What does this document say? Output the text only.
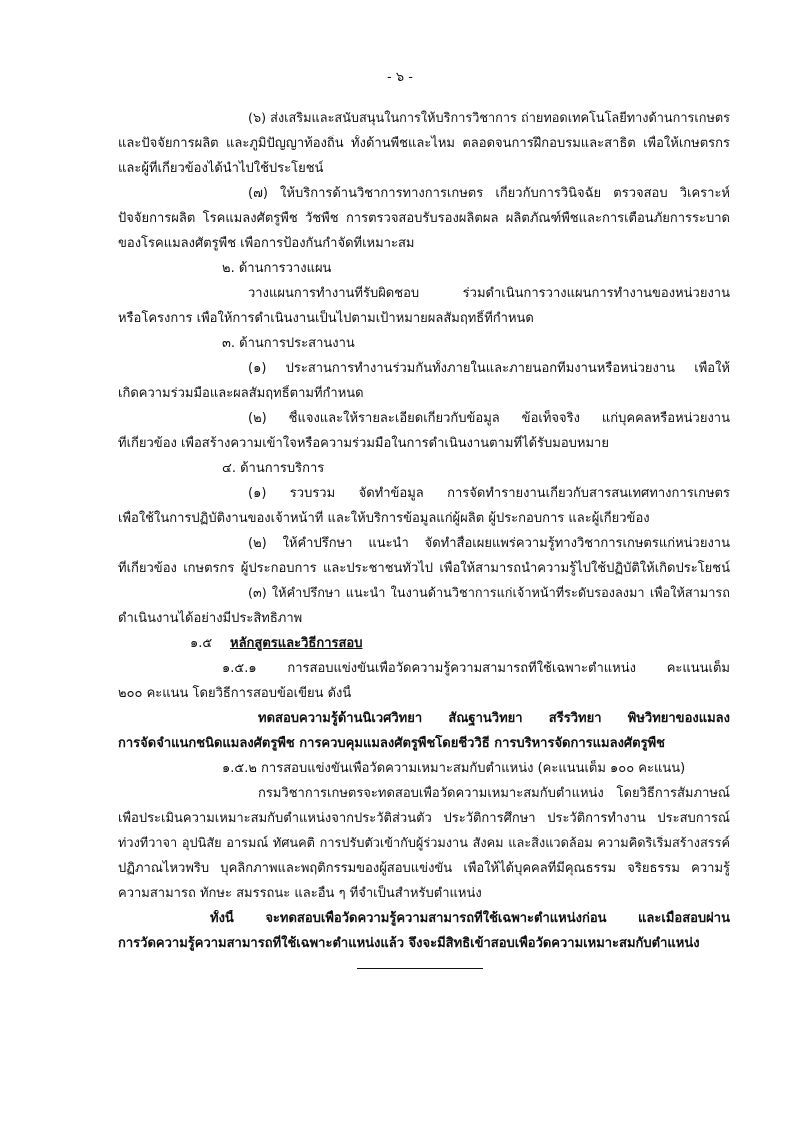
- ๖ -
(๖) ส่งเสริมและสนับสนุนในการให้บริการวิชาการ ถ่ายทอดเทคโนโลยีทางด้านการเกษตร
และปัจจัยการผลิต และภูมิปัญญาท้องถิ่น ทั้งด้านพืชและไหม ตลอดจนการฝึกอบรมและสาธิต เพื่อให้เกษตรกร
และผู้ที่เกี่ยวข้องได้นำไปใช้ประโยชน์
(๗) ให้บริการด้านวิชาการทางการเกษตร เกี่ยวกับการวินิจฉัย ตรวจสอบ วิเคราะห์
ปัจจัยการผลิต โรคแมลงศัตรูพืช วัชพืช การตรวจสอบรับรองผลิตผล ผลิตภัณฑ์พืชและการเตือนภัยการระบาด
ของโรคแมลงศัตรูพืช เพื่อการป้องกันกำจัดที่เหมาะสม
๒. ด้านการวางแผน
วางแผนการทำงานที่รับผิดชอบ ร่วมดำเนินการวางแผนการทำงานของหน่วยงาน
หรือโครงการ เพื่อให้การดำเนินงานเป็นไปตามเป้าหมายผลสัมฤทธิ์ที่กำหนด
๓. ด้านการประสานงาน
(๑) ประสานการทำงานร่วมกันทั้งภายในและภายนอกทีมงานหรือหน่วยงาน เพื่อให้
เกิดความร่วมมือและผลสัมฤทธิ์ตามที่กำหนด
(๒) ชี้แจงและให้รายละเอียดเกี่ยวกับข้อมูล ข้อเท็จจริง แก่บุคคลหรือหน่วยงาน
ที่เกี่ยวข้อง เพื่อสร้างความเข้าใจหรือความร่วมมือในการดำเนินงานตามที่ได้รับมอบหมาย
๔. ด้านการบริการ
(๑) รวบรวม จัดทำข้อมูล การจัดทำรายงานเกี่ยวกับสารสนเทศทางการเกษตร
เพื่อใช้ในการปฏิบัติงานของเจ้าหน้าที่ และให้บริการข้อมูลแก่ผู้ผลิต ผู้ประกอบการ และผู้เกี่ยวข้อง
(๒) ให้คำปรึกษา แนะนำ จัดทำสื่อเผยแพร่ความรู้ทางวิชาการเกษตรแก่หน่วยงาน
ที่เกี่ยวข้อง เกษตรกร ผู้ประกอบการ และประชาชนทั่วไป เพื่อให้สามารถนำความรู้ไปใช้ปฏิบัติให้เกิดประโยชน์
(๓) ให้คำปรึกษา แนะนำ ในงานด้านวิชาการแก่เจ้าหน้าที่ระดับรองลงมา เพื่อให้สามารถ
ดำเนินงานได้อย่างมีประสิทธิภาพ
๑.๕	หลักสูตรและวิธีการสอบ
๑.๕.๑ การสอบแข่งขันเพื่อวัดความรู้ความสามารถที่ใช้เฉพาะตำแหน่ง คะแนนเต็ม
๒๐๐ คะแนน โดยวิธีการสอบข้อเขียน ดังนี้
ทดสอบความรู้ด้านนิเวศวิทยา สัณฐานวิทยา สรีรวิทยา พิษวิทยาของแมลง
การจัดจำแนกชนิดแมลงศัตรูพืช การควบคุมแมลงศัตรูพืชโดยชีววิธี การบริหารจัดการแมลงศัตรูพืช
๑.๕.๒ การสอบแข่งขันเพื่อวัดความเหมาะสมกับตำแหน่ง (คะแนนเต็ม ๑๐๐ คะแนน)
กรมวิชาการเกษตรจะทดสอบเพื่อวัดความเหมาะสมกับตำแหน่ง โดยวิธีการสัมภาษณ์
เพื่อประเมินความเหมาะสมกับตำแหน่งจากประวัติส่วนตัว ประวัติการศึกษา ประวัติการทำงาน ประสบการณ์
ท่วงทีวาจา อุปนิสัย อารมณ์ ทัศนคติ การปรับตัวเข้ากับผู้ร่วมงาน สังคม และสิ่งแวดล้อม ความคิดริเริ่มสร้างสรรค์
ปฏิภาณไหวพริบ บุคลิกภาพและพฤติกรรมของผู้สอบแข่งขัน เพื่อให้ได้บุคคลที่มีคุณธรรม จริยธรรม ความรู้
ความสามารถ ทักษะ สมรรถนะ และอื่น ๆ ที่จำเป็นสำหรับตำแหน่ง
ทั้งนี้ จะทดสอบเพื่อวัดความรู้ความสามารถที่ใช้เฉพาะตำแหน่งก่อน และเมื่อสอบผ่าน
การวัดความรู้ความสามารถที่ใช้เฉพาะตำแหน่งแล้ว จึงจะมีสิทธิเข้าสอบเพื่อวัดความเหมาะสมกับตำแหน่ง
